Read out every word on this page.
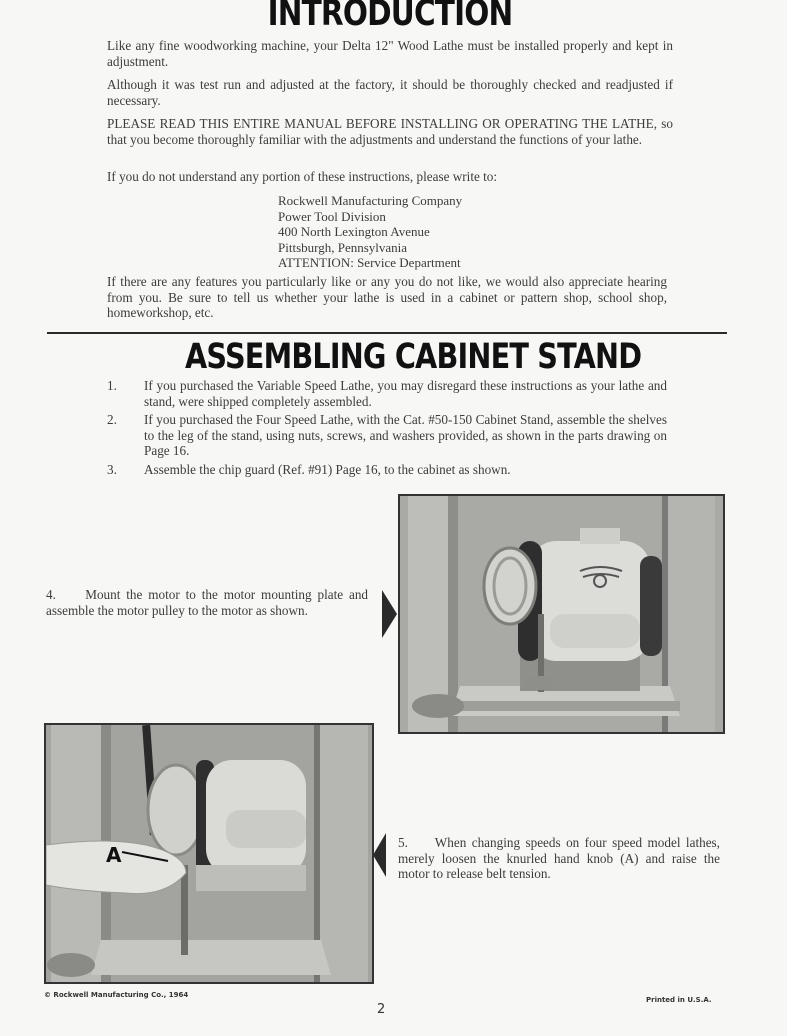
INTRODUCTION
Like any fine woodworking machine, your Delta 12" Wood Lathe must be installed properly and kept in adjustment.
Although it was test run and adjusted at the factory, it should be thoroughly checked and readjusted if necessary.
PLEASE READ THIS ENTIRE MANUAL BEFORE INSTALLING OR OPERATING THE LATHE, so that you become thoroughly familiar with the adjustments and understand the functions of your lathe.
If you do not understand any portion of these instructions, please write to:
Rockwell Manufacturing Company
Power Tool Division
400 North Lexington Avenue
Pittsburgh, Pennsylvania
ATTENTION: Service Department
If there are any features you particularly like or any you do not like, we would also appreciate hearing from you. Be sure to tell us whether your lathe is used in a cabinet or pattern shop, school shop, homeworkshop, etc.
ASSEMBLING CABINET STAND
1.	If you purchased the Variable Speed Lathe, you may disregard these instructions as your lathe and stand, were shipped completely assembled.
2.	If you purchased the Four Speed Lathe, with the Cat. #50-150 Cabinet Stand, assemble the shelves to the leg of the stand, using nuts, screws, and washers provided, as shown in the parts drawing on Page 16.
3.	Assemble the chip guard (Ref. #91) Page 16, to the cabinet as shown.
4. Mount the motor to the motor mounting plate and assemble the motor pulley to the motor as shown.
A
5. When changing speeds on four speed model lathes, merely loosen the knurled hand knob (A) and raise the motor to release belt tension.
© Rockwell Manufacturing Co., 1964
2
Printed in U.S.A.
